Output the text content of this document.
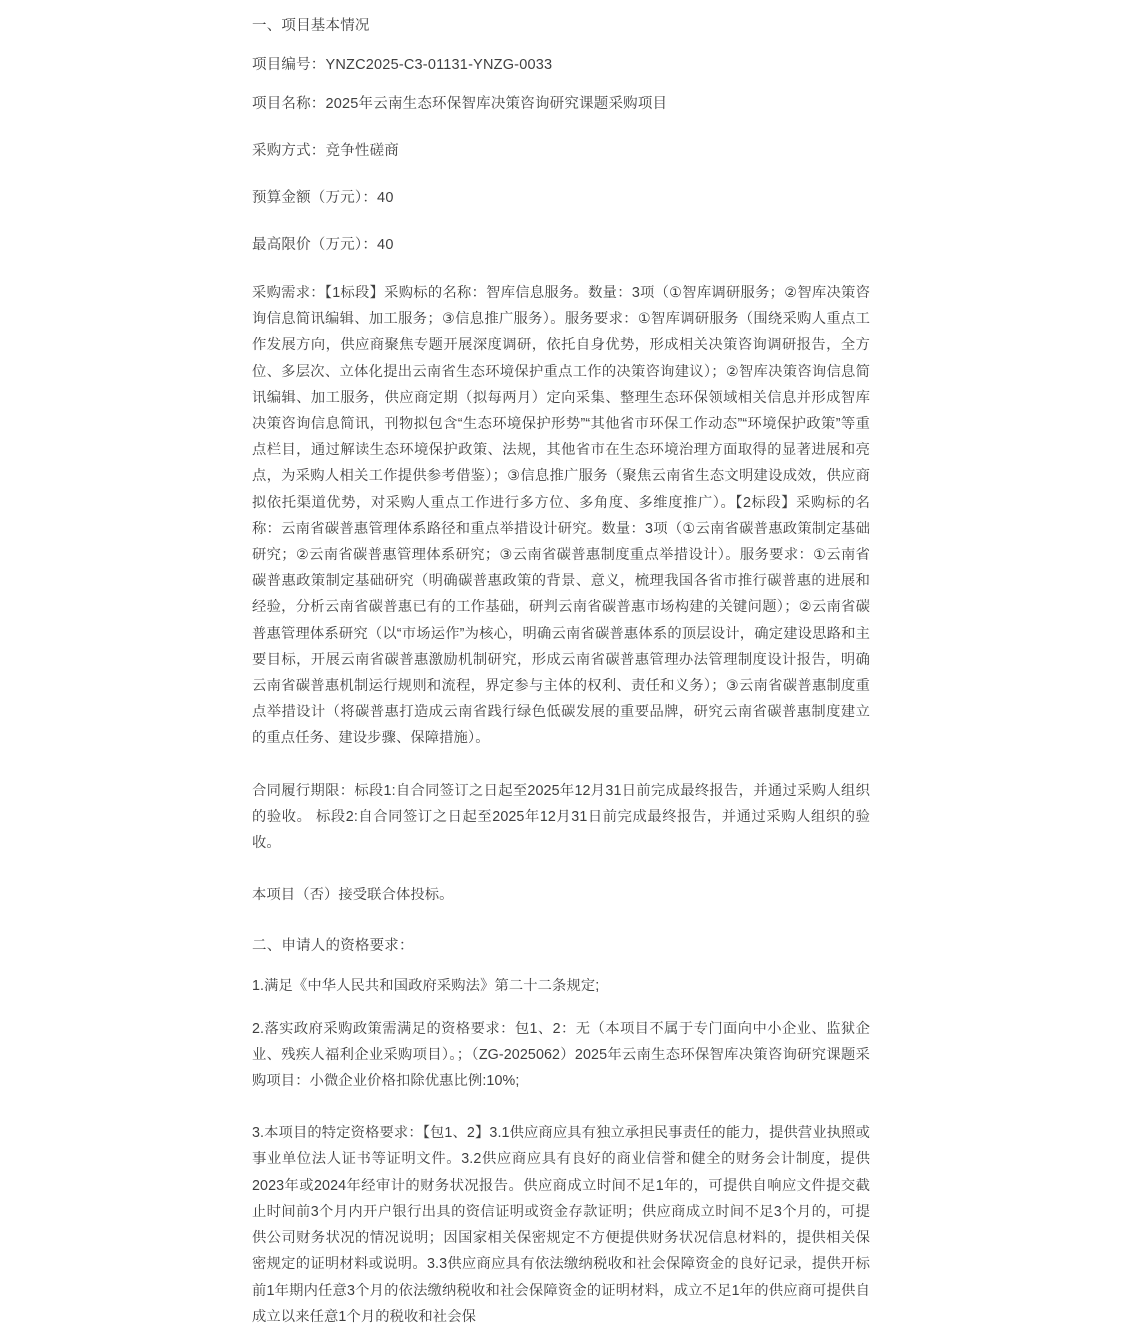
一、项目基本情况
项目编号：YNZC2025-C3-01131-YNZG-0033
项目名称：2025年云南生态环保智库决策咨询研究课题采购项目
采购方式：竞争性磋商
预算金额（万元）：40
最高限价（万元）：40
采购需求：【1标段】采购标的名称：智库信息服务。数量：3项（①智库调研服务；②智库决策咨询信息简讯编辑、加工服务；③信息推广服务）。服务要求：①智库调研服务（围绕采购人重点工作发展方向，供应商聚焦专题开展深度调研，依托自身优势，形成相关决策咨询调研报告，全方位、多层次、立体化提出云南省生态环境保护重点工作的决策咨询建议）；②智库决策咨询信息简讯编辑、加工服务，供应商定期（拟每两月）定向采集、整理生态环保领域相关信息并形成智库决策咨询信息简讯，刊物拟包含“生态环境保护形势”“其他省市环保工作动态”“环境保护政策”等重点栏目，通过解读生态环境保护政策、法规，其他省市在生态环境治理方面取得的显著进展和亮点，为采购人相关工作提供参考借鉴）；③信息推广服务（聚焦云南省生态文明建设成效，供应商拟依托渠道优势，对采购人重点工作进行多方位、多角度、多维度推广）。【2标段】采购标的名称：云南省碳普惠管理体系路径和重点举措设计研究。数量：3项（①云南省碳普惠政策制定基础研究；②云南省碳普惠管理体系研究；③云南省碳普惠制度重点举措设计）。服务要求：①云南省碳普惠政策制定基础研究（明确碳普惠政策的背景、意义，梳理我国各省市推行碳普惠的进展和经验，分析云南省碳普惠已有的工作基础，研判云南省碳普惠市场构建的关键问题）；②云南省碳普惠管理体系研究（以“市场运作”为核心，明确云南省碳普惠体系的顶层设计，确定建设思路和主要目标，开展云南省碳普惠激励机制研究，形成云南省碳普惠管理办法管理制度设计报告，明确云南省碳普惠机制运行规则和流程，界定参与主体的权利、责任和义务）；③云南省碳普惠制度重点举措设计（将碳普惠打造成云南省践行绿色低碳发展的重要品牌，研究云南省碳普惠制度建立的重点任务、建设步骤、保障措施）。
合同履行期限：标段1:自合同签订之日起至2025年12月31日前完成最终报告，并通过采购人组织的验收。 标段2:自合同签订之日起至2025年12月31日前完成最终报告，并通过采购人组织的验收。
本项目（否）接受联合体投标。
二、申请人的资格要求：
1.满足《中华人民共和国政府采购法》第二十二条规定;
2.落实政府采购政策需满足的资格要求：包1、2：无（本项目不属于专门面向中小企业、监狱企业、残疾人福利企业采购项目）。；（ZG-2025062）2025年云南生态环保智库决策咨询研究课题采购项目：小微企业价格扣除优惠比例:10%;
3.本项目的特定资格要求：【包1、2】3.1供应商应具有独立承担民事责任的能力，提供营业执照或事业单位法人证书等证明文件。3.2供应商应具有良好的商业信誉和健全的财务会计制度，提供2023年或2024年经审计的财务状况报告。供应商成立时间不足1年的，可提供自响应文件提交截止时间前3个月内开户银行出具的资信证明或资金存款证明；供应商成立时间不足3个月的，可提供公司财务状况的情况说明；因国家相关保密规定不方便提供财务状况信息材料的，提供相关保密规定的证明材料或说明。3.3供应商应具有依法缴纳税收和社会保障资金的良好记录，提供开标前1年期内任意3个月的依法缴纳税收和社会保障资金的证明材料，成立不足1年的供应商可提供自成立以来任意1个月的税收和社会保
